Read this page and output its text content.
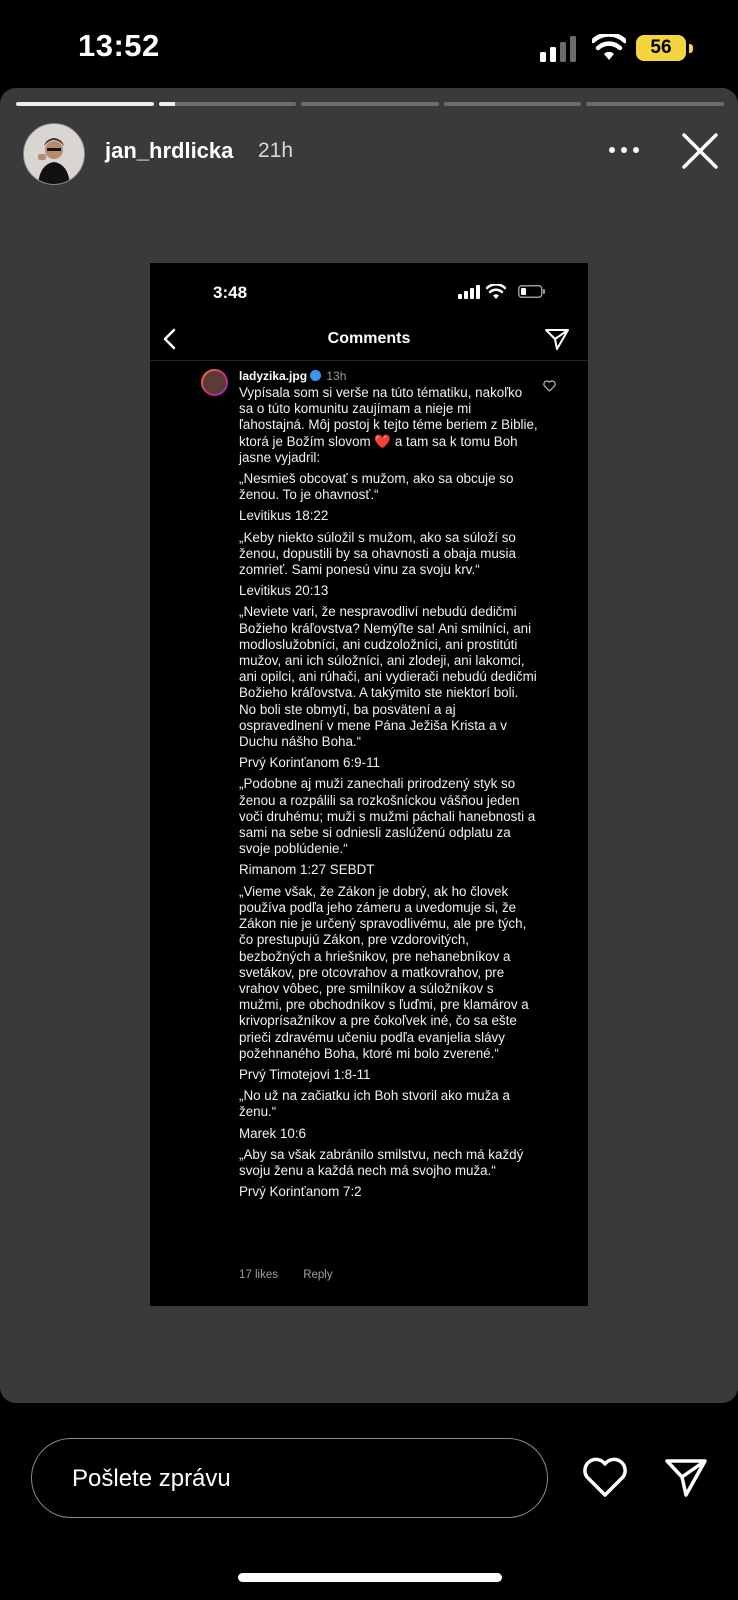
13:52	56
jan_hrdlicka 21h
3:48
Comments
ladyzika.jpg 13h

Vypísala som si verše na túto tématiku, nakoľko sa o túto komunitu zaujímam a nieje mi ľahostajná. Môj postoj k tejto téme beriem z Biblie, ktorá je Božím slovom ❤️ a tam sa k tomu Boh jasne vyjadril:

„Nesmieš obcovať s mužom, ako sa obcuje so ženou. To je ohavnosť.“

Levitikus 18:22

„Keby niekto súložil s mužom, ako sa súloží so ženou, dopustili by sa ohavnosti a obaja musia zomrieť. Sami ponesú vinu za svoju krv.“

Levitikus 20:13

„Neviete vari, že nespravodliví nebudú dedičmi Božieho kráľovstva? Nemýľte sa! Ani smilníci, ani modloslužobníci, ani cudzoložníci, ani prostitúti mužov, ani ich súložníci, ani zlodeji, ani lakomci, ani opilci, ani rúhači, ani vydierači nebudú dedičmi Božieho kráľovstva. A takýmito ste niektorí boli. No boli ste obmytí, ba posvätení a aj ospravedlnení v mene Pána Ježiša Krista a v Duchu nášho Boha.“

Prvý Korinťanom 6:9-11

„Podobne aj muži zanechali prirodzený styk so ženou a rozpálili sa rozkošníckou vášňou jeden voči druhému; muži s mužmi páchali hanebnosti a sami na sebe si odniesli zaslúženú odplatu za svoje poblúdenie.“

Rimanom 1:27 SEBDT

„Vieme však, že Zákon je dobrý, ak ho človek používa podľa jeho zámeru a uvedomuje si, že Zákon nie je určený spravodlivému, ale pre tých, čo prestupujú Zákon, pre vzdorovitých, bezbožných a hriešnikov, pre nehanebníkov a svetákov, pre otcovrahov a matkovrahov, pre vrahov vôbec, pre smilníkov a súložníkov s mužmi, pre obchodníkov s ľuďmi, pre klamárov a krivoprísažníkov a pre čokoľvek iné, čo sa ešte prieči zdravému učeniu podľa evanjelia slávy požehnaného Boha, ktoré mi bolo zverené.“

Prvý Timotejovi 1:8-11

„No už na začiatku ich Boh stvoril ako muža a ženu.“

Marek 10:6

„Aby sa však zabránilo smilstvu, nech má každý svoju ženu a každá nech má svojho muža.“

Prvý Korinťanom 7:2

17 likes Reply
Pošlete zprávu
